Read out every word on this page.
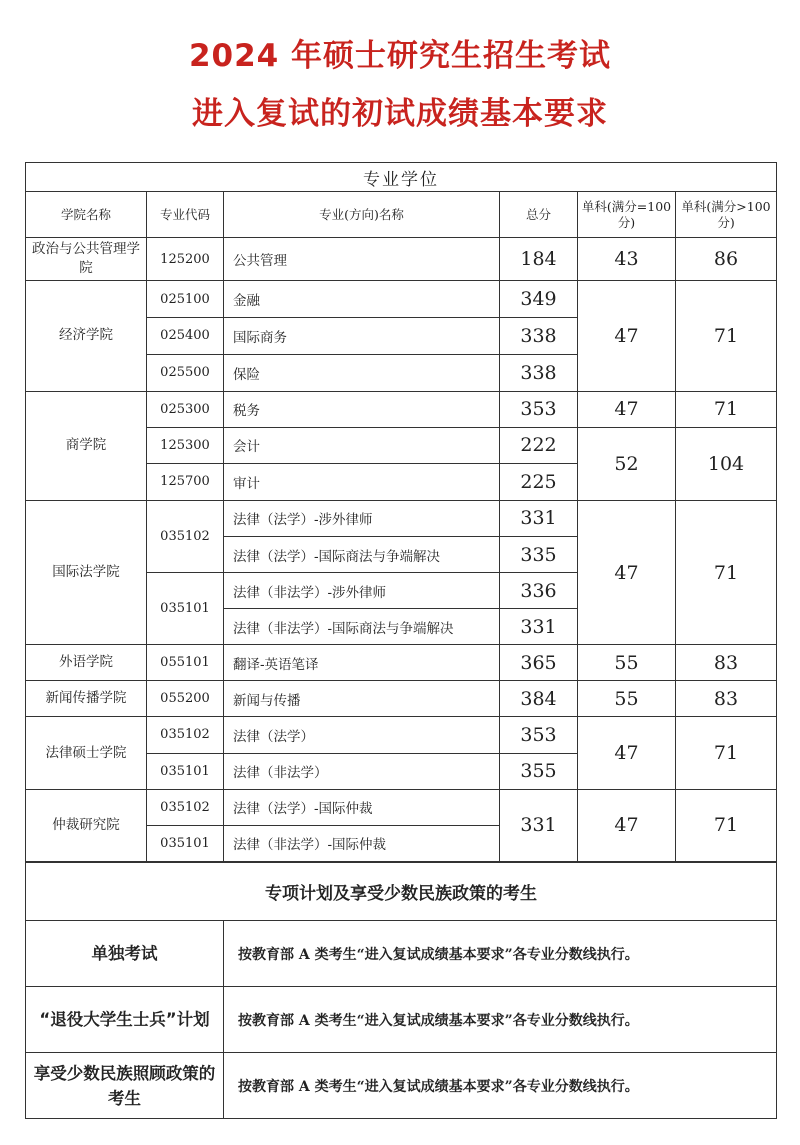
2024 年硕士研究生招生考试
进入复试的初试成绩基本要求
专业学位					
学院名称	专业代码	专业(方向)名称	总分	单科(满分=100 分)	单科(满分>100 分)
政治与公共管理学院	125200	公共管理	184	43	86
经济学院	025100	金融	349	47	71
	025400	国际商务	338		
	025500	保险	338		
商学院	025300	税务	353	47	71
	125300	会计	222	52	104
	125700	审计	225		
国际法学院	035102	法律（法学）-涉外律师	331	47	71
		法律（法学）-国际商法与争端解决	335		
	035101	法律（非法学）-涉外律师	336		
		法律（非法学）-国际商法与争端解决	331		
外语学院	055101	翻译-英语笔译	365	55	83
新闻传播学院	055200	新闻与传播	384	55	83
法律硕士学院	035102	法律（法学）	353	47	71
	035101	法律（非法学）	355		
仲裁研究院	035102	法律（法学）-国际仲裁	331	47	71
	035101	法律（非法学）-国际仲裁			
专项计划及享受少数民族政策的考生	
单独考试	按教育部 A 类考生“进入复试成绩基本要求”各专业分数线执行。
“退役大学生士兵”计划	按教育部 A 类考生“进入复试成绩基本要求”各专业分数线执行。
享受少数民族照顾政策的考生	按教育部 A 类考生“进入复试成绩基本要求”各专业分数线执行。
